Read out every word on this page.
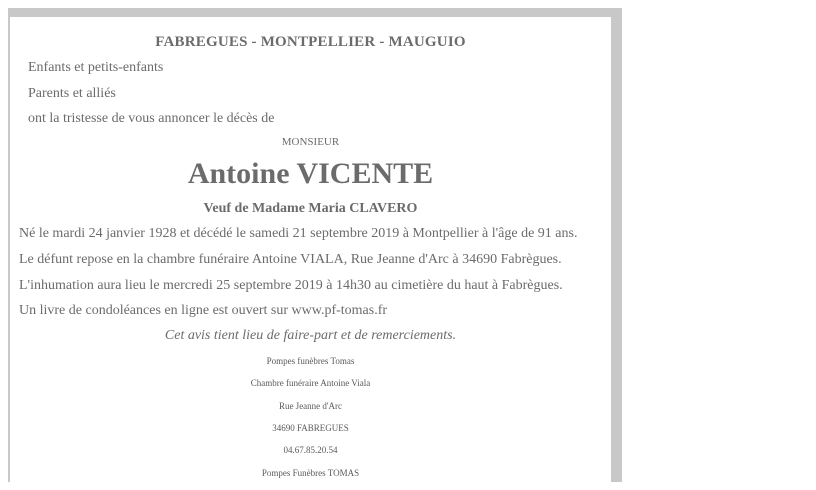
FABREGUES - MONTPELLIER - MAUGUIO
Enfants et petits-enfants
Parents et alliés
ont la tristesse de vous annoncer le décès de
MONSIEUR
Antoine VICENTE
Veuf de Madame Maria CLAVERO
Né le mardi 24 janvier 1928 et décédé le samedi 21 septembre 2019 à Montpellier à l'âge de 91 ans.
Le défunt repose en la chambre funéraire Antoine VIALA, Rue Jeanne d'Arc à 34690 Fabrègues.
L'inhumation aura lieu le mercredi 25 septembre 2019 à 14h30 au cimetière du haut à Fabrègues.
Un livre de condoléances en ligne est ouvert sur www.pf-tomas.fr
Cet avis tient lieu de faire-part et de remerciements.
Pompes funèbres Tomas
Chambre funéraire Antoine Viala
Rue Jeanne d'Arc
34690 FABREGUES
04.67.85.20.54
Pompes Funèbres TOMAS
